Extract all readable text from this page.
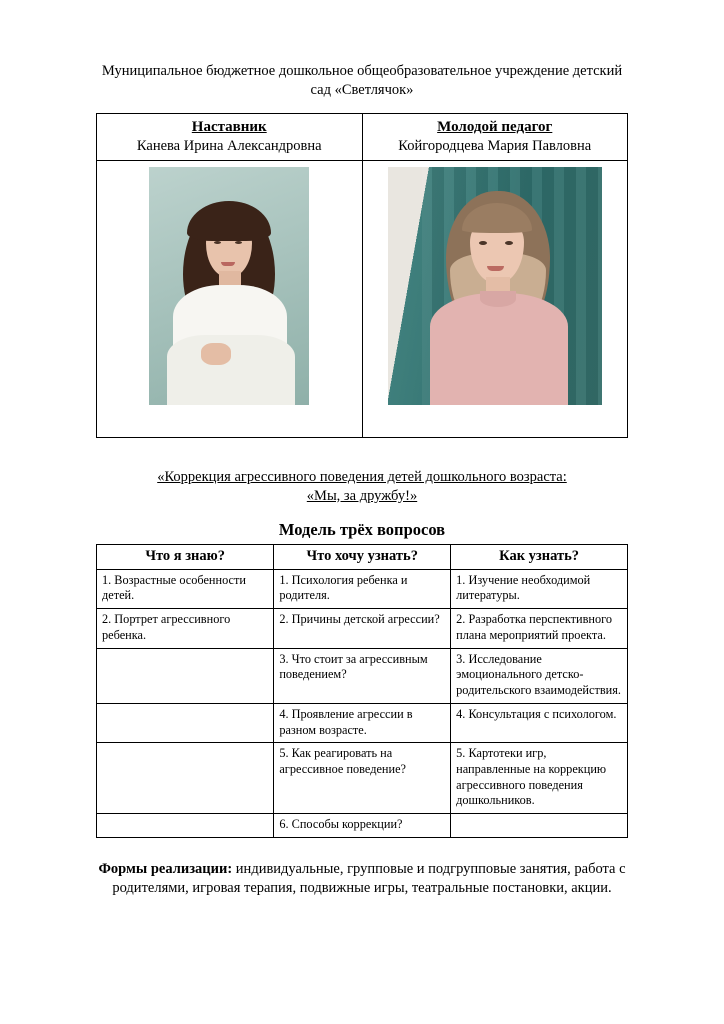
Муниципальное бюджетное дошкольное общеобразовательное учреждение детский сад «Светлячок»

Наставник
Канева Ирина Александровна

Молодой педагог
Койгородцева Мария Павловна

«Коррекция агрессивного поведения детей дошкольного возраста:
«Мы, за дружбу!»

Модель трёх вопросов

Что я знаю?	Что хочу узнать?	Как узнать?
1. Возрастные особенности детей.	1. Психология ребенка и родителя.	1. Изучение необходимой литературы.
2. Портрет агрессивного ребенка.	2. Причины детской агрессии?	2. Разработка перспективного плана мероприятий проекта.
	3. Что стоит за агрессивным поведением?	3. Исследование эмоционального детско-родительского взаимодействия.
	4. Проявление агрессии в разном возрасте.	4. Консультация с психологом.
	5. Как реагировать на агрессивное поведение?	5. Картотеки игр, направленные на коррекцию агрессивного поведения дошкольников.
	6. Способы коррекции?	

Формы реализации: индивидуальные, групповые и подгрупповые занятия, работа с родителями, игровая терапия, подвижные игры, театральные постановки, акции.
